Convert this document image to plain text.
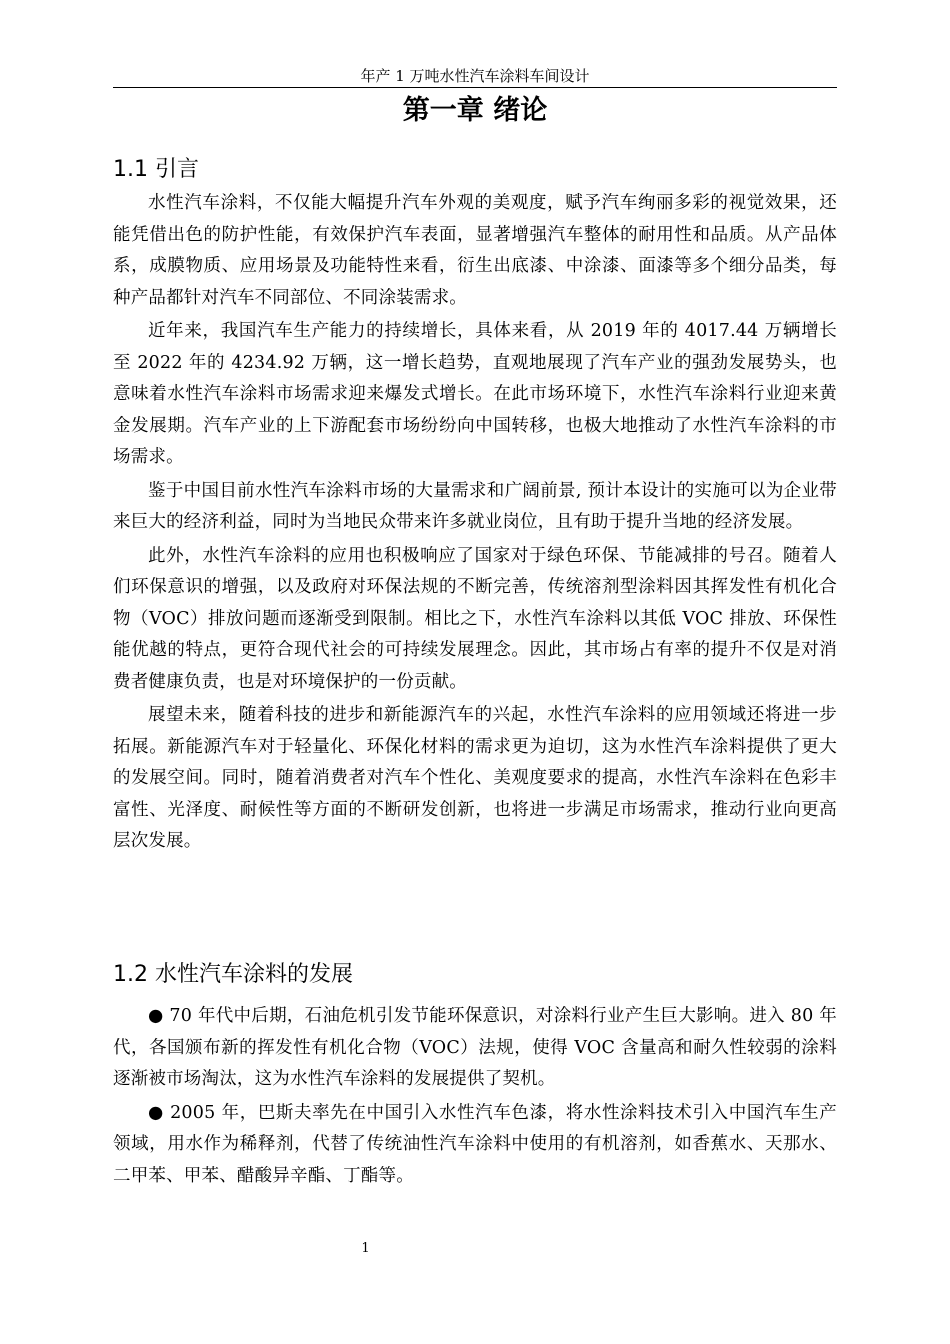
年产 1 万吨水性汽车涂料车间设计
第一章 绪论
1.1 引言

水性汽车涂料，不仅能大幅提升汽车外观的美观度，赋予汽车绚丽多彩的视觉效果，还能凭借出色的防护性能，有效保护汽车表面，显著增强汽车整体的耐用性和品质。从产品体系，成膜物质、应用场景及功能特性来看，衍生出底漆、中涂漆、面漆等多个细分品类，每种产品都针对汽车不同部位、不同涂装需求。

近年来，我国汽车生产能力的持续增长，具体来看，从 2019 年的 4017.44 万辆增长至 2022 年的 4234.92 万辆，这一增长趋势，直观地展现了汽车产业的强劲发展势头，也意味着水性汽车涂料市场需求迎来爆发式增长。在此市场环境下，水性汽车涂料行业迎来黄金发展期。汽车产业的上下游配套市场纷纷向中国转移，也极大地推动了水性汽车涂料的市场需求。

鉴于中国目前水性汽车涂料市场的大量需求和广阔前景, 预计本设计的实施可以为企业带来巨大的经济利益，同时为当地民众带来许多就业岗位，且有助于提升当地的经济发展。

此外，水性汽车涂料的应用也积极响应了国家对于绿色环保、节能减排的号召。随着人们环保意识的增强，以及政府对环保法规的不断完善，传统溶剂型涂料因其挥发性有机化合物（VOC）排放问题而逐渐受到限制。相比之下，水性汽车涂料以其低 VOC 排放、环保性能优越的特点，更符合现代社会的可持续发展理念。因此，其市场占有率的提升不仅是对消费者健康负责，也是对环境保护的一份贡献。

展望未来，随着科技的进步和新能源汽车的兴起，水性汽车涂料的应用领域还将进一步拓展。新能源汽车对于轻量化、环保化材料的需求更为迫切，这为水性汽车涂料提供了更大的发展空间。同时，随着消费者对汽车个性化、美观度要求的提高，水性汽车涂料在色彩丰富性、光泽度、耐候性等方面的不断研发创新，也将进一步满足市场需求，推动行业向更高层次发展。

1.2 水性汽车涂料的发展

● 70 年代中后期，石油危机引发节能环保意识，对涂料行业产生巨大影响。进入 80 年代，各国颁布新的挥发性有机化合物（VOC）法规，使得 VOC 含量高和耐久性较弱的涂料逐渐被市场淘汰，这为水性汽车涂料的发展提供了契机。

● 2005 年，巴斯夫率先在中国引入水性汽车色漆，将水性涂料技术引入中国汽车生产领域，用水作为稀释剂，代替了传统油性汽车涂料中使用的有机溶剂，如香蕉水、天那水、二甲苯、甲苯、醋酸异辛酯、丁酯等。

1
